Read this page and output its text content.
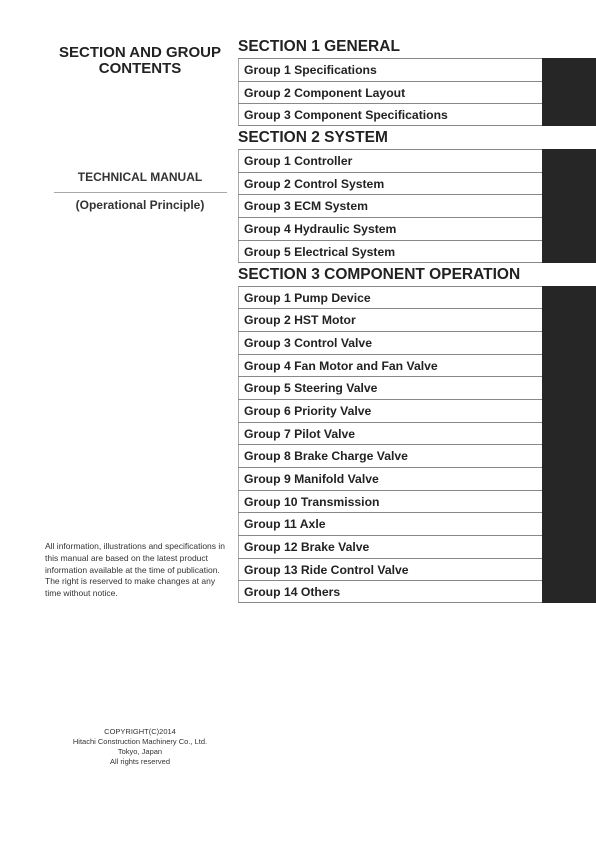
SECTION AND GROUP
CONTENTS
TECHNICAL MANUAL
(Operational Principle)
All information, illustrations and specifications in this manual are based on the latest product information available at the time of publication. The right is reserved to make changes at any time without notice.
COPYRIGHT(C)2014
Hitachi Construction Machinery Co., Ltd.
Tokyo, Japan
All rights reserved
SECTION 1 GENERAL
Group 1 Specifications
Group 2 Component Layout
Group 3 Component Specifications
SECTION 2 SYSTEM
Group 1 Controller
Group 2 Control System
Group 3 ECM System
Group 4 Hydraulic System
Group 5 Electrical System
SECTION 3 COMPONENT OPERATION
Group 1 Pump Device
Group 2 HST Motor
Group 3 Control Valve
Group 4 Fan Motor and Fan Valve
Group 5 Steering Valve
Group 6 Priority Valve
Group 7 Pilot Valve
Group 8 Brake Charge Valve
Group 9 Manifold Valve
Group 10 Transmission
Group 11 Axle
Group 12 Brake Valve
Group 13 Ride Control Valve
Group 14 Others
